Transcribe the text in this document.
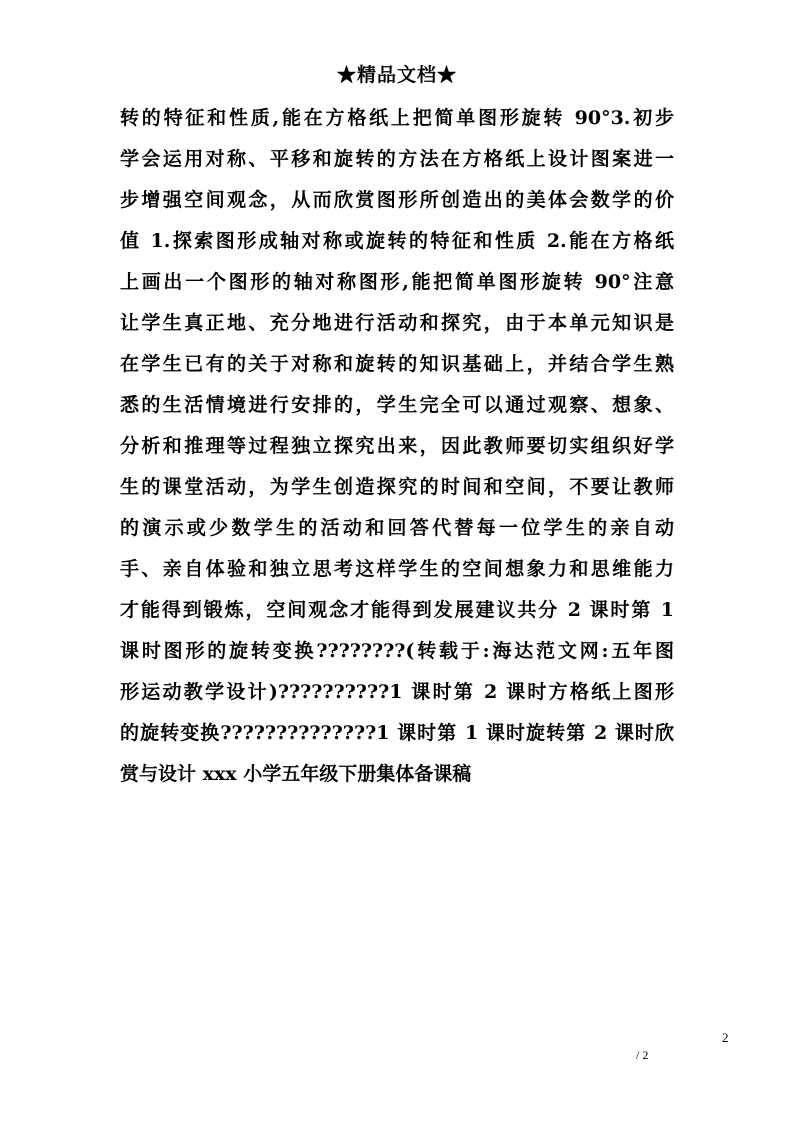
★精品文档★
转的特征和性质,能在方格纸上把简单图形旋转 90°3.初步
学会运用对称、平移和旋转的方法在方格纸上设计图案进一
步增强空间观念，从而欣赏图形所创造出的美体会数学的价
值 1.探索图形成轴对称或旋转的特征和性质 2.能在方格纸
上画出一个图形的轴对称图形,能把简单图形旋转 90°注意
让学生真正地、充分地进行活动和探究，由于本单元知识是
在学生已有的关于对称和旋转的知识基础上，并结合学生熟
悉的生活情境进行安排的，学生完全可以通过观察、想象、
分析和推理等过程独立探究出来，因此教师要切实组织好学
生的课堂活动，为学生创造探究的时间和空间，不要让教师
的演示或少数学生的活动和回答代替每一位学生的亲自动
手、亲自体验和独立思考这样学生的空间想象力和思维能力
才能得到锻炼，空间观念才能得到发展建议共分 2 课时第 1
课时图形的旋转变换????????(转载于:海达范文网:五年图
形运动教学设计)??????????1 课时第 2 课时方格纸上图形
的旋转变换??????????????1 课时第 1 课时旋转第 2 课时欣
赏与设计 xxx 小学五年级下册集体备课稿
2
/ 2
